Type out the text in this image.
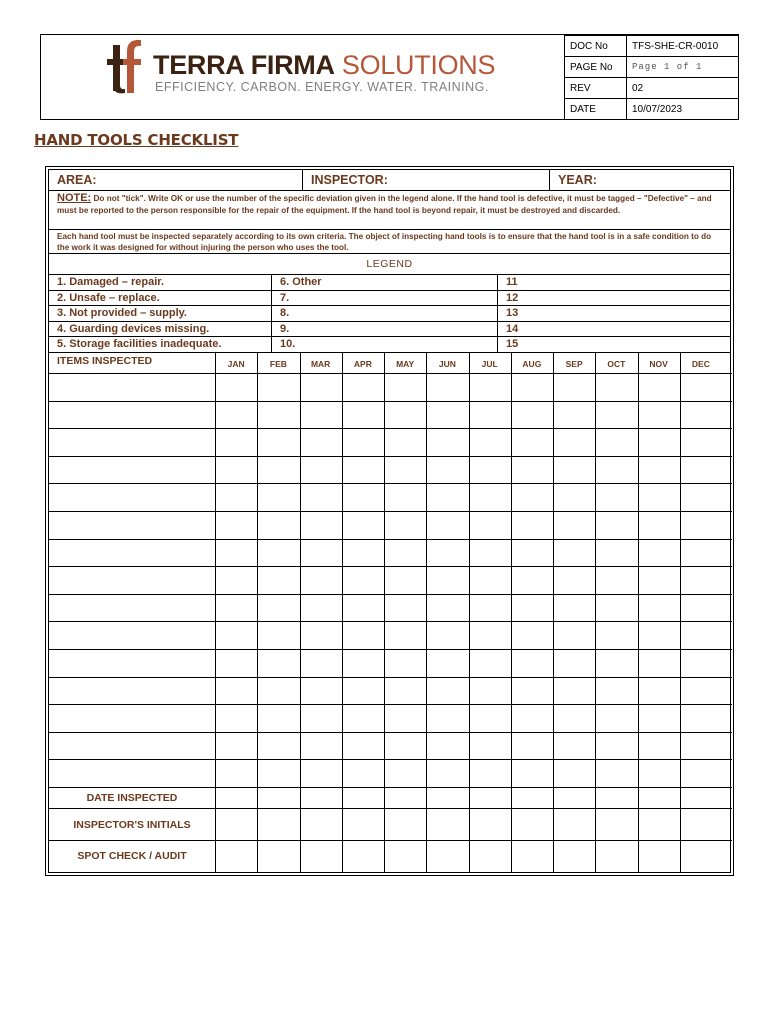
TERRA FIRMA SOLUTIONS
EFFICIENCY. CARBON. ENERGY. WATER. TRAINING.
DOC No	TFS-SHE-CR-0010
PAGE No	Page 1 of 1
REV	02
DATE	10/07/2023
HAND TOOLS CHECKLIST
AREA:	INSPECTOR:	YEAR:
NOTE: Do not "tick". Write OK or use the number of the specific deviation given in the legend alone. If the hand tool is defective, it must be tagged – "Defective" – and must be reported to the person responsible for the repair of the equipment. If the hand tool is beyond repair, it must be destroyed and discarded.
Each hand tool must be inspected separately according to its own criteria. The object of inspecting hand tools is to ensure that the hand tool is in a safe condition to do the work it was designed for without injuring the person who uses the tool.
LEGEND
1. Damaged – repair.	6. Other	11
2. Unsafe – replace.	7.	12
3. Not provided – supply.	8.	13
4. Guarding devices missing.	9.	14
5. Storage facilities inadequate.	10.	15
ITEMS INSPECTED	JAN	FEB	MAR	APR	MAY	JUN	JUL	AUG	SEP	OCT	NOV	DEC
DATE INSPECTED
INSPECTOR'S INITIALS
SPOT CHECK / AUDIT
